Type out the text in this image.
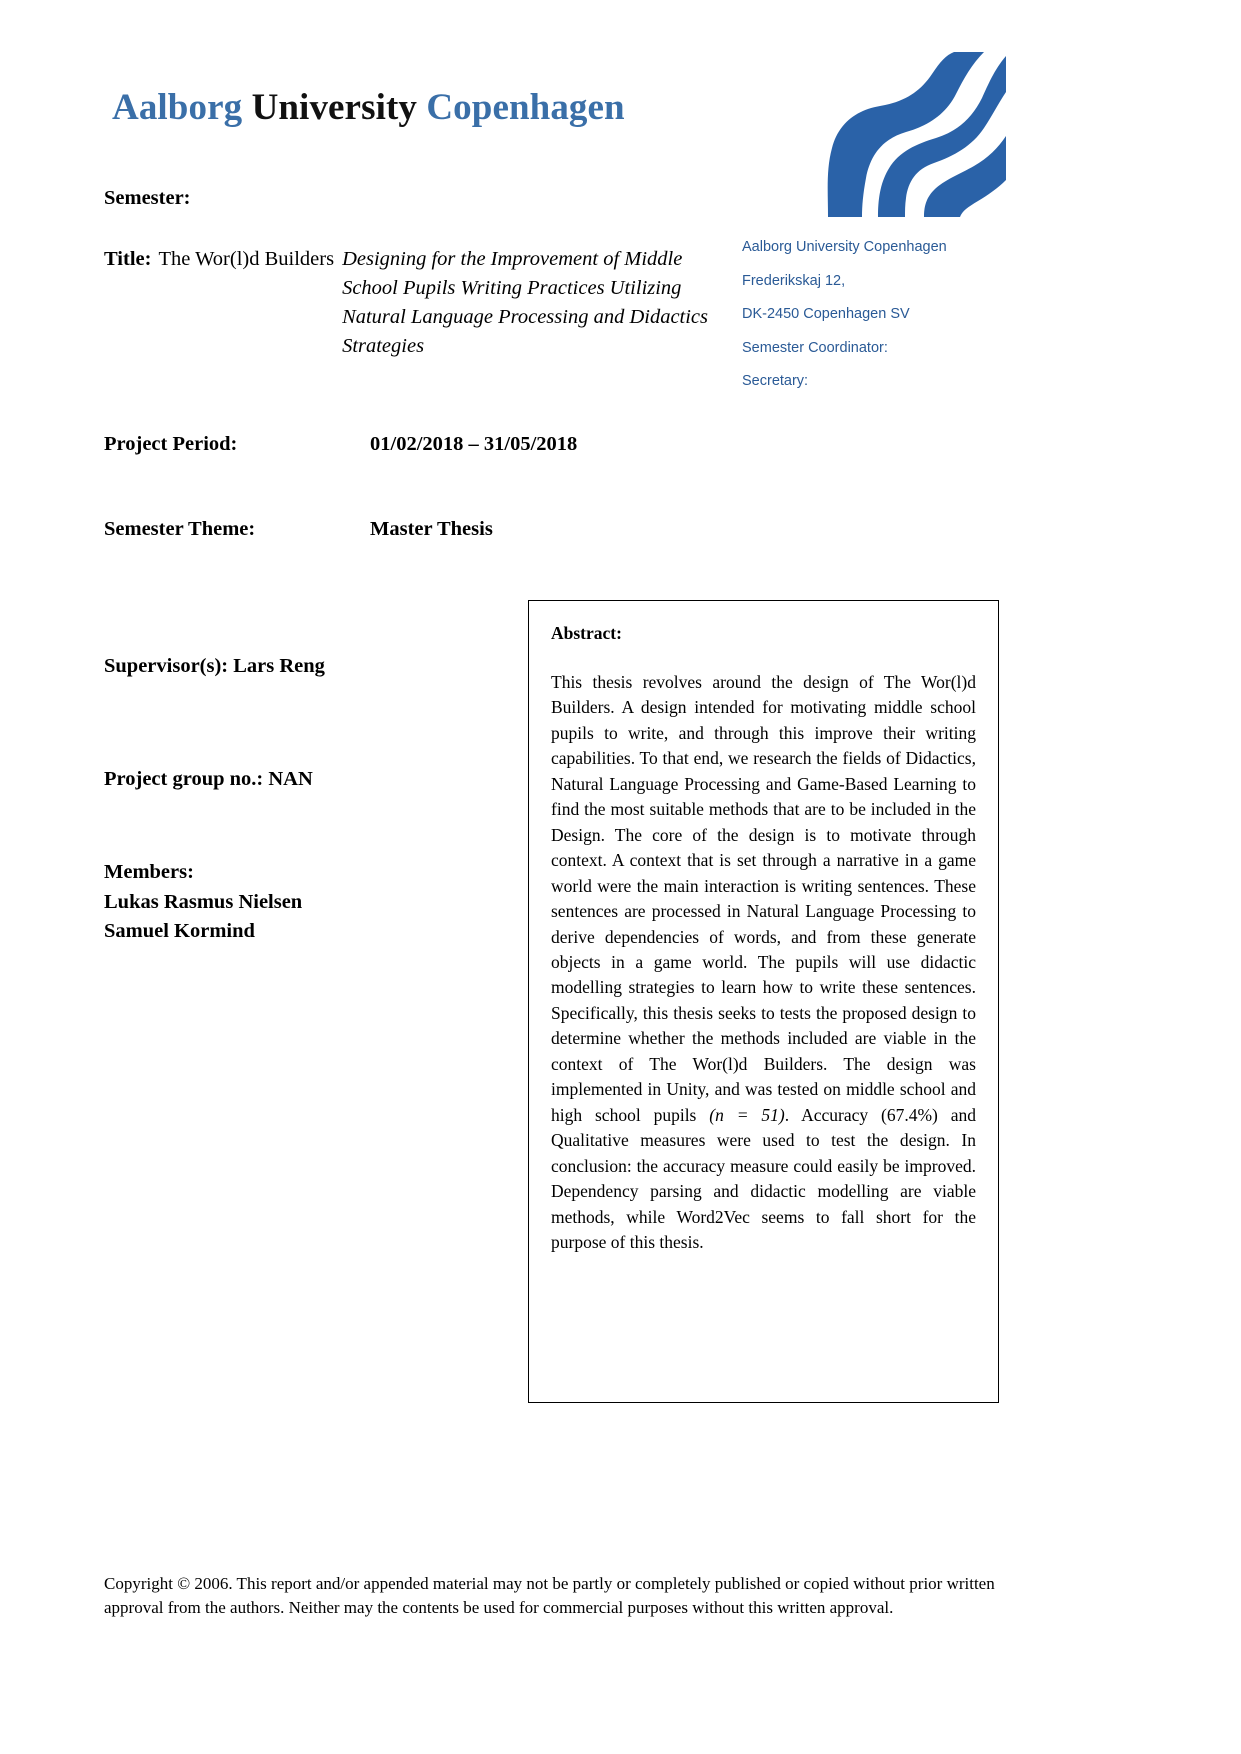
Aalborg University Copenhagen
Aalborg University Copenhagen
Frederikskaj 12,
DK-2450 Copenhagen SV
Semester Coordinator:
Secretary:
Semester:
Title: The Wor(l)d Builders Designing for the Improvement of Middle School Pupils Writing Practices Utilizing Natural Language Processing and Didactics Strategies
Project Period:	01/02/2018 – 31/05/2018
Semester Theme:	Master Thesis
Supervisor(s): Lars Reng
Project group no.: NAN
Members:
Lukas Rasmus Nielsen
Samuel Kormind
Abstract:

This thesis revolves around the design of The Wor(l)d Builders. A design intended for motivating middle school pupils to write, and through this improve their writing capabilities. To that end, we research the fields of Didactics, Natural Language Processing and Game-Based Learning to find the most suitable methods that are to be included in the Design. The core of the design is to motivate through context. A context that is set through a narrative in a game world were the main interaction is writing sentences. These sentences are processed in Natural Language Processing to derive dependencies of words, and from these generate objects in a game world. The pupils will use didactic modelling strategies to learn how to write these sentences. Specifically, this thesis seeks to tests the proposed design to determine whether the methods included are viable in the context of The Wor(l)d Builders. The design was implemented in Unity, and was tested on middle school and high school pupils (n = 51). Accuracy (67.4%) and Qualitative measures were used to test the design. In conclusion: the accuracy measure could easily be improved. Dependency parsing and didactic modelling are viable methods, while Word2Vec seems to fall short for the purpose of this thesis.

Copyright © 2006. This report and/or appended material may not be partly or completely published or copied without prior written approval from the authors. Neither may the contents be used for commercial purposes without this written approval.
